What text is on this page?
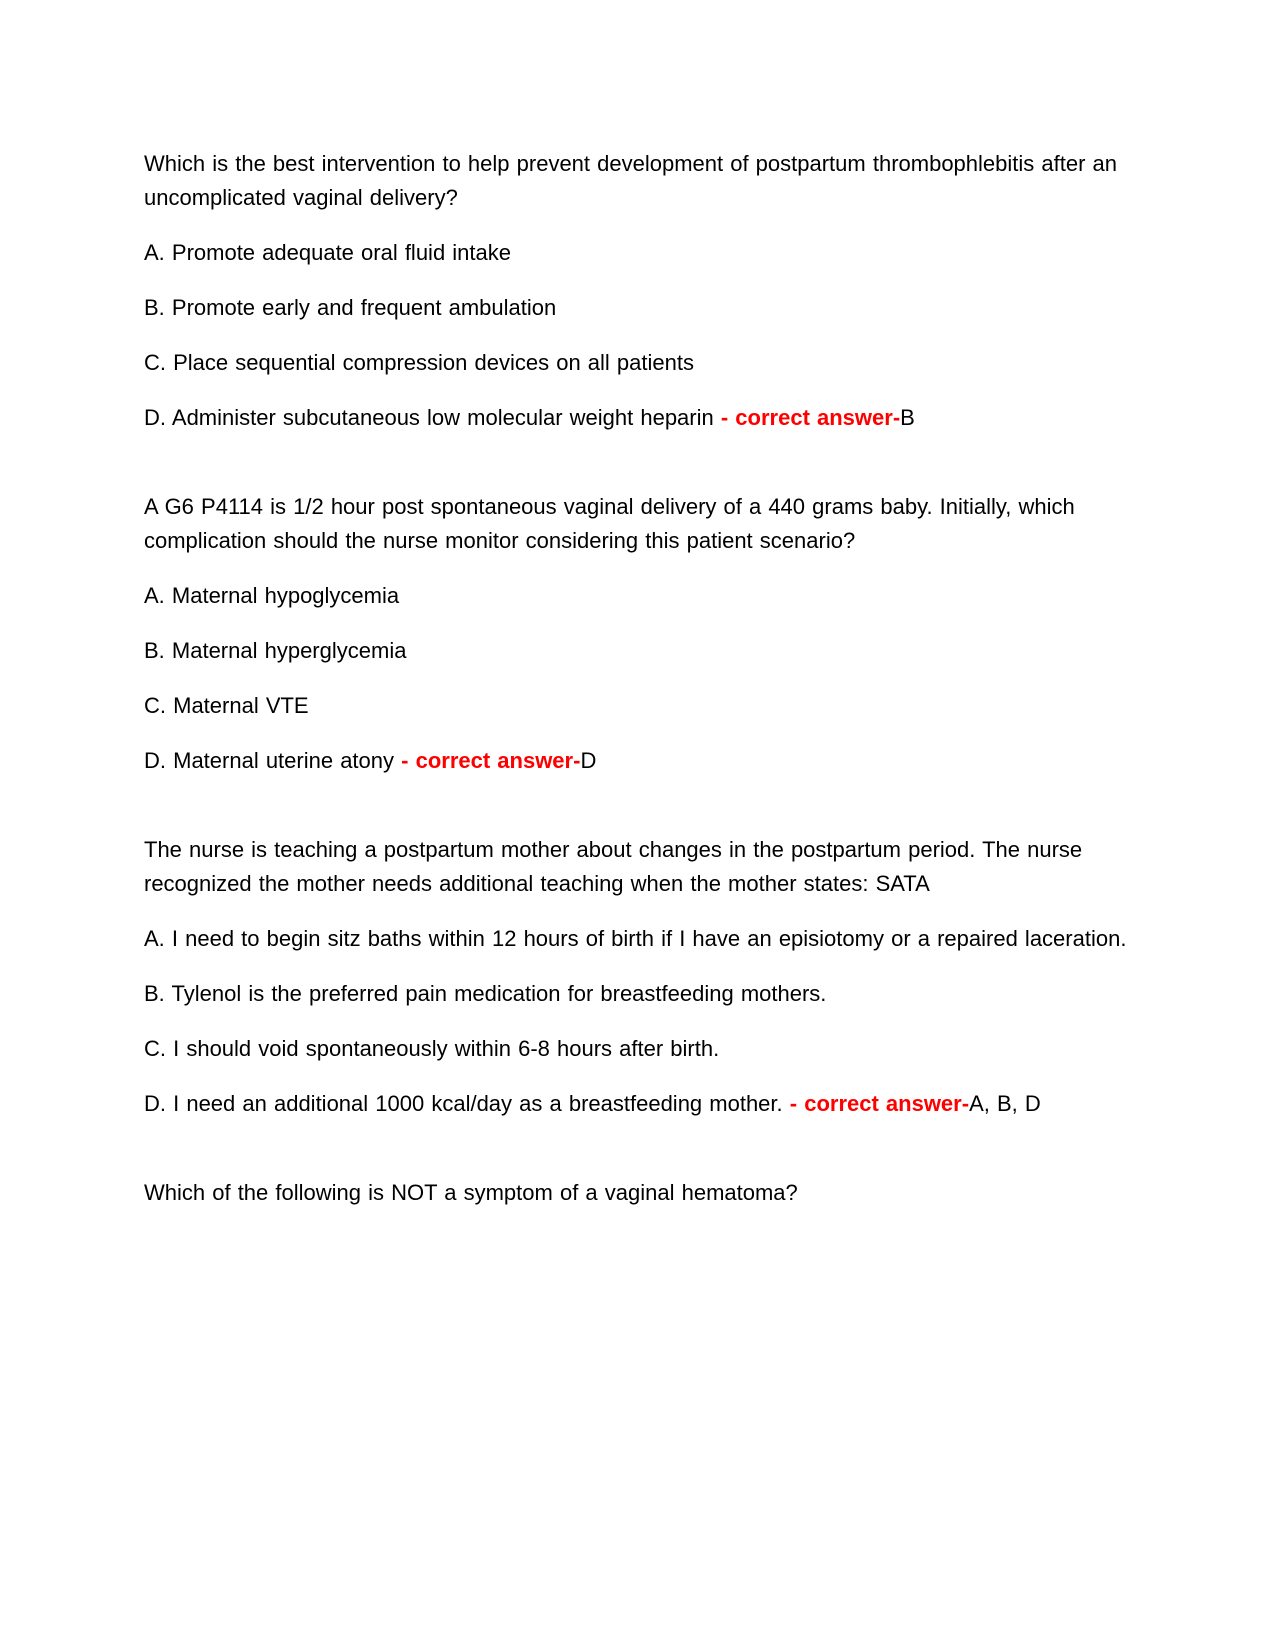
Which is the best intervention to help prevent development of postpartum thrombophlebitis after an uncomplicated vaginal delivery?

A. Promote adequate oral fluid intake

B. Promote early and frequent ambulation

C. Place sequential compression devices on all patients

D. Administer subcutaneous low molecular weight heparin - correct answer-B

A G6 P4114 is 1/2 hour post spontaneous vaginal delivery of a 440 grams baby. Initially, which complication should the nurse monitor considering this patient scenario?

A. Maternal hypoglycemia

B. Maternal hyperglycemia

C. Maternal VTE

D. Maternal uterine atony - correct answer-D

The nurse is teaching a postpartum mother about changes in the postpartum period. The nurse recognized the mother needs additional teaching when the mother states: SATA

A. I need to begin sitz baths within 12 hours of birth if I have an episiotomy or a repaired laceration.

B. Tylenol is the preferred pain medication for breastfeeding mothers.

C. I should void spontaneously within 6-8 hours after birth.

D. I need an additional 1000 kcal/day as a breastfeeding mother. - correct answer-A, B, D

Which of the following is NOT a symptom of a vaginal hematoma?
